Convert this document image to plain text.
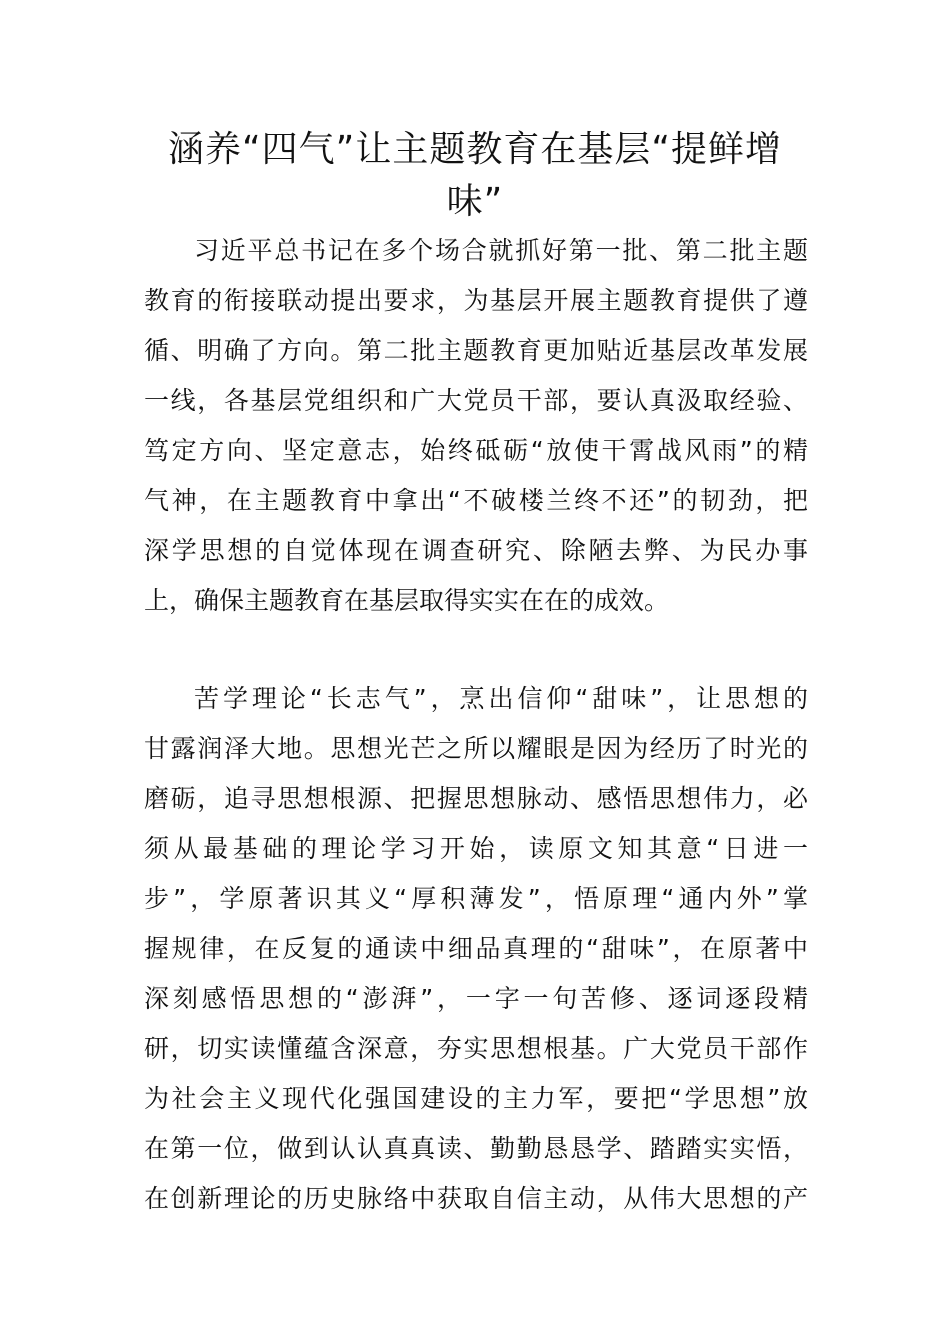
涵养“四气”让主题教育在基层“提鲜增味”
习近平总书记在多个场合就抓好第一批、第二批主题
教育的衔接联动提出要求，为基层开展主题教育提供了遵
循、明确了方向。第二批主题教育更加贴近基层改革发展
一线，各基层党组织和广大党员干部，要认真汲取经验、
笃定方向、坚定意志，始终砥砺“放使干霄战风雨”的精
气神，在主题教育中拿出“不破楼兰终不还”的韧劲，把
深学思想的自觉体现在调查研究、除陋去弊、为民办事
上，确保主题教育在基层取得实实在在的成效。
苦学理论“长志气”，烹出信仰“甜味”，让思想的
甘露润泽大地。思想光芒之所以耀眼是因为经历了时光的
磨砺，追寻思想根源、把握思想脉动、感悟思想伟力，必
须从最基础的理论学习开始，读原文知其意“日进一
步”，学原著识其义“厚积薄发”，悟原理“通内外”掌
握规律，在反复的通读中细品真理的“甜味”，在原著中
深刻感悟思想的“澎湃”，一字一句苦修、逐词逐段精
研，切实读懂蕴含深意，夯实思想根基。广大党员干部作
为社会主义现代化强国建设的主力军，要把“学思想”放
在第一位，做到认认真真读、勤勤恳恳学、踏踏实实悟，
在创新理论的历史脉络中获取自信主动，从伟大思想的产
